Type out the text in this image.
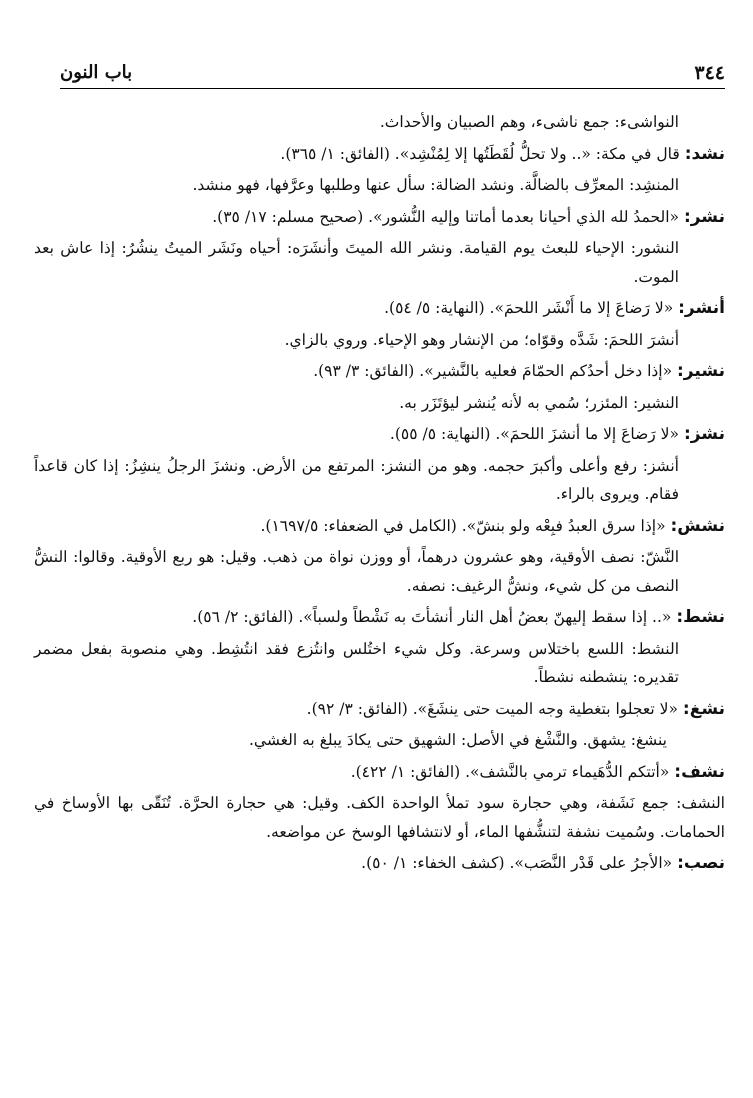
٣٤٤
باب النون

النواشىء: جمع ناشىء، وهم الصبيان والأحداث.

نشد: قال في مكة: «.. ولا تحلُّ لُقَطَتُها إلا لِمُنْشِد». (الفائق: ١/ ٣٦٥).

المنشِد: المعرِّف بالضالَّة. ونشد الضالة: سأل عنها وطلبها وعرَّفها، فهو منشد.

نشر: «الحمدُ لله الذي أحيانا بعدما أماتنا وإليه النُّشور». (صحيح مسلم: ١٧/ ٣٥).

النشور: الإحياء للبعث يوم القيامة. ونشر الله الميتَ وأنشَرَه: أحياه ونَشَر الميتُ ينشُرُ: إذا عاش بعد الموت.

أنشر: «لا رَضاعَ إلا ما أَنْشَر اللحمَ». (النهاية: ٥/ ٥٤).

أنشرَ اللحمَ: شَدَّه وقوّاه؛ من الإنشار وهو الإحياء. وروي بالزاي.

نشير: «إذا دخل أحدُكم الحمّامَ فعليه بالنَّشير». (الفائق: ٣/ ٩٣).

النشير: المئزر؛ سُمي به لأنه يُنشر ليؤتَزَر به.

نشز: «لا رَضاعَ إلا ما أنشزَ اللحمَ». (النهاية: ٥/ ٥٥).

أنشز: رفع وأعلى وأكبرَ حجمه. وهو من النشز: المرتفع من الأرض. ونشزَ الرجلُ ينشِزُ: إذا كان قاعداً فقام. ويروى بالراء.

نشش: «إذا سرق العبدُ فبِعْه ولو بنشّ». (الكامل في الضعفاء: ١٦٩٧/٥).

النَّشّ: نصف الأوقية، وهو عشرون درهماً، أو ووزن نواة من ذهب. وقيل: هو ربع الأوقية. وقالوا: النشُّ النصف من كل شيء، ونشُّ الرغيف: نصفه.

نشط: «.. إذا سقط إليهنّ بعضُ أهل النار أنشأتَ به نَشْطاً ولسباً». (الفائق: ٢/ ٥٦).

النشط: اللسع باختلاس وسرعة. وكل شيء اختُلس وانتُزع فقد انتُشِط. وهي منصوبة بفعل مضمر تقديره: ينشطنه نشطاً.

نشغ: «لا تعجلوا بتغطية وجه الميت حتى ينشَغَ». (الفائق: ٣/ ٩٢).

ينشغ: يشهق. والنَّشْغ في الأصل: الشهيق حتى يكادَ يبلغ به الغشي.

نشف: «أتتكم الدُّهَيماء ترمي بالنَّشف». (الفائق: ١/ ٤٢٢).

النشف: جمع نَشَفة، وهي حجارة سود تملأ الواحدة الكف. وقيل: هي حجارة الحرَّة. تُنَقّى بها الأوساخ في الحمامات. وسُميت نشفة لتنشُّفها الماء، أو لانتشافها الوسخ عن مواضعه.

نصب: «الأجرُ على قَدْر النَّصَب». (كشف الخفاء: ١/ ٥٠).
